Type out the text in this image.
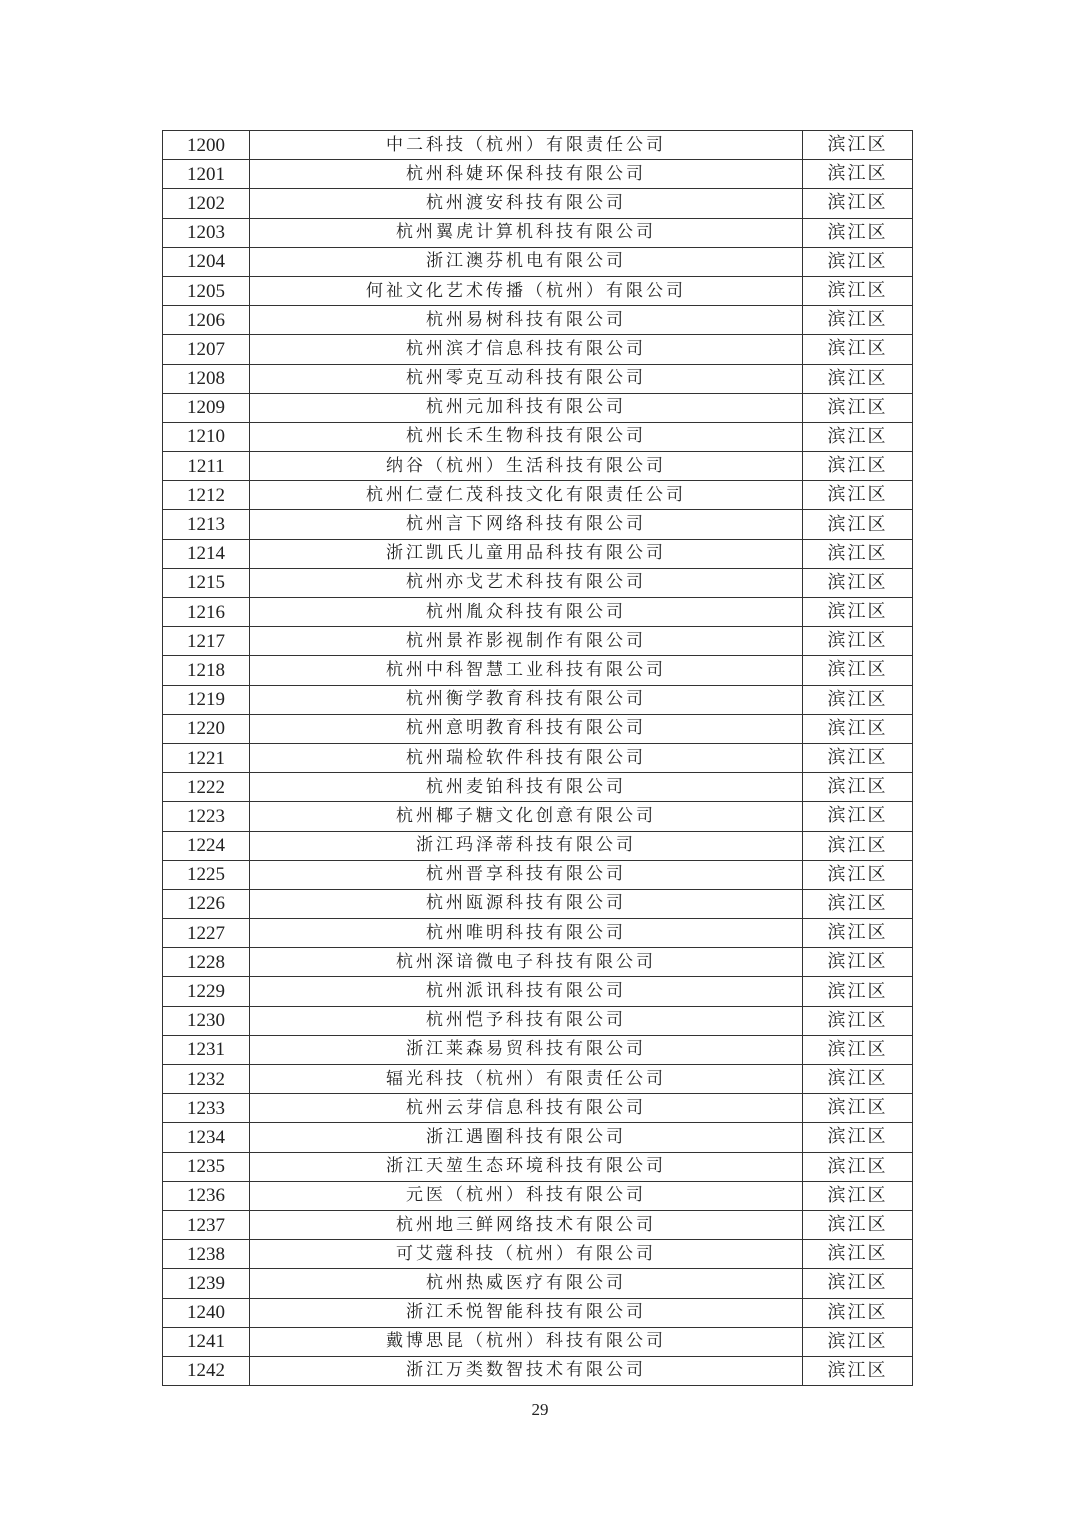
1200	中二科技（杭州）有限责任公司	滨江区
1201	杭州科婕环保科技有限公司	滨江区
1202	杭州渡安科技有限公司	滨江区
1203	杭州翼虎计算机科技有限公司	滨江区
1204	浙江澳芬机电有限公司	滨江区
1205	何祉文化艺术传播（杭州）有限公司	滨江区
1206	杭州易树科技有限公司	滨江区
1207	杭州滨才信息科技有限公司	滨江区
1208	杭州零克互动科技有限公司	滨江区
1209	杭州元加科技有限公司	滨江区
1210	杭州长禾生物科技有限公司	滨江区
1211	纳谷（杭州）生活科技有限公司	滨江区
1212	杭州仁壹仁茂科技文化有限责任公司	滨江区
1213	杭州言下网络科技有限公司	滨江区
1214	浙江凯氏儿童用品科技有限公司	滨江区
1215	杭州亦戈艺术科技有限公司	滨江区
1216	杭州胤众科技有限公司	滨江区
1217	杭州景祚影视制作有限公司	滨江区
1218	杭州中科智慧工业科技有限公司	滨江区
1219	杭州衡学教育科技有限公司	滨江区
1220	杭州意明教育科技有限公司	滨江区
1221	杭州瑞检软件科技有限公司	滨江区
1222	杭州麦铂科技有限公司	滨江区
1223	杭州椰子糖文化创意有限公司	滨江区
1224	浙江玛泽蒂科技有限公司	滨江区
1225	杭州晋享科技有限公司	滨江区
1226	杭州瓯源科技有限公司	滨江区
1227	杭州唯明科技有限公司	滨江区
1228	杭州深谙微电子科技有限公司	滨江区
1229	杭州派讯科技有限公司	滨江区
1230	杭州恺予科技有限公司	滨江区
1231	浙江莱森易贸科技有限公司	滨江区
1232	辐光科技（杭州）有限责任公司	滨江区
1233	杭州云芽信息科技有限公司	滨江区
1234	浙江遇圈科技有限公司	滨江区
1235	浙江天堃生态环境科技有限公司	滨江区
1236	元医（杭州）科技有限公司	滨江区
1237	杭州地三鲜网络技术有限公司	滨江区
1238	可艾蔻科技（杭州）有限公司	滨江区
1239	杭州热威医疗有限公司	滨江区
1240	浙江禾悦智能科技有限公司	滨江区
1241	戴博思昆（杭州）科技有限公司	滨江区
1242	浙江万类数智技术有限公司	滨江区
29
